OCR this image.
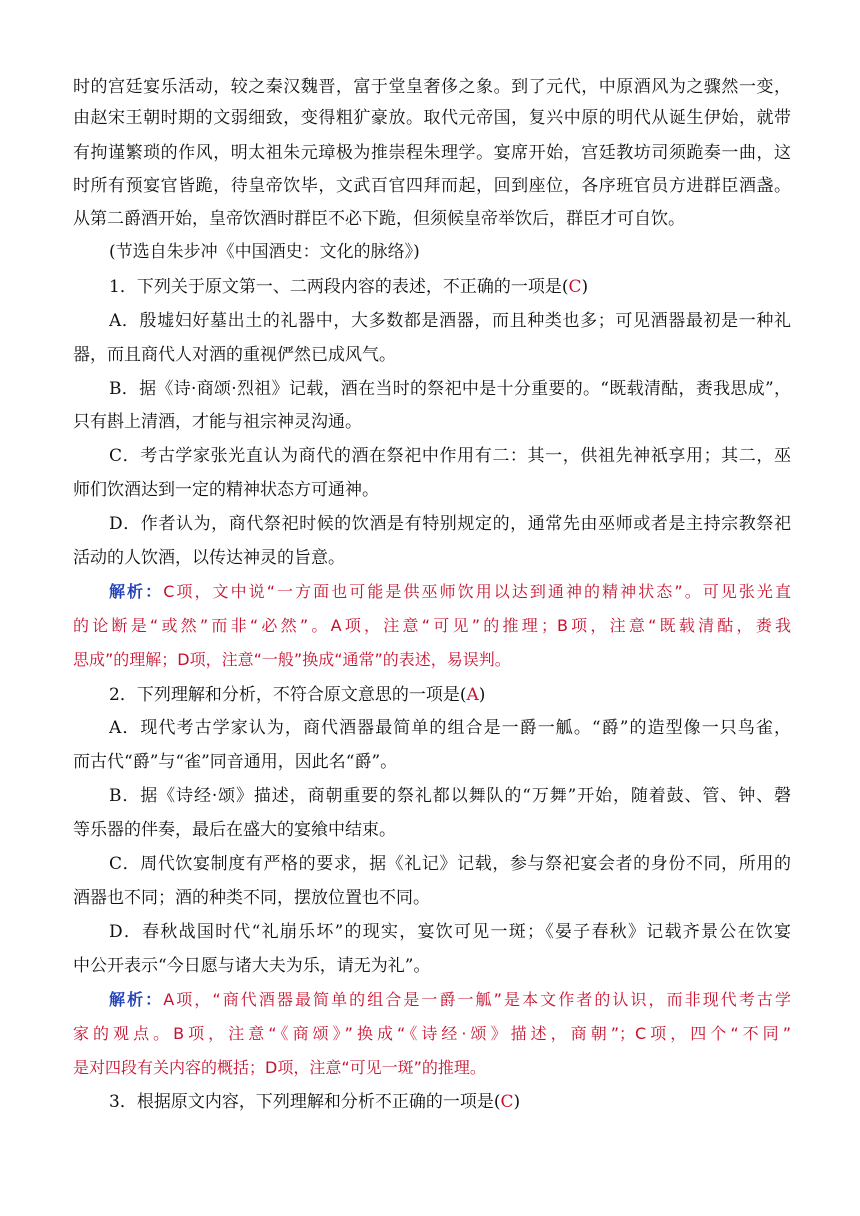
时的宫廷宴乐活动，较之秦汉魏晋，富于堂皇奢侈之象。到了元代，中原酒风为之骤然一变，

由赵宋王朝时期的文弱细致，变得粗犷豪放。取代元帝国，复兴中原的明代从诞生伊始，就带

有拘谨繁琐的作风，明太祖朱元璋极为推崇程朱理学。宴席开始，宫廷教坊司须跪奏一曲，这

时所有预宴官皆跪，待皇帝饮毕，文武百官四拜而起，回到座位，各序班官员方进群臣酒盏。

从第二爵酒开始，皇帝饮酒时群臣不必下跪，但须候皇帝举饮后，群臣才可自饮。

(节选自朱步冲《中国酒史：文化的脉络》)

1．下列关于原文第一、二两段内容的表述，不正确的一项是(C)

A．殷墟妇好墓出土的礼器中，大多数都是酒器，而且种类也多；可见酒器最初是一种礼

器，而且商代人对酒的重视俨然已成风气。

B．据《诗·商颂·烈祖》记载，酒在当时的祭祀中是十分重要的。“既载清酤，赉我思成”，

只有斟上清酒，才能与祖宗神灵沟通。

C．考古学家张光直认为商代的酒在祭祀中作用有二：其一，供祖先神祇享用；其二，巫

师们饮酒达到一定的精神状态方可通神。

D．作者认为，商代祭祀时候的饮酒是有特别规定的，通常先由巫师或者是主持宗教祭祀

活动的人饮酒，以传达神灵的旨意。

解析：C项，文中说“一方面也可能是供巫师饮用以达到通神的精神状态”。可见张光直

的论断是“或然”而非“必然”。A项，注意“可见”的推理；B项，注意“既载清酤，赉我

思成”的理解；D项，注意“一般”换成“通常”的表述，易误判。

2．下列理解和分析，不符合原文意思的一项是(A)

A．现代考古学家认为，商代酒器最简单的组合是一爵一觚。“爵”的造型像一只鸟雀，

而古代“爵”与“雀”同音通用，因此名“爵”。

B．据《诗经·颂》描述，商朝重要的祭礼都以舞队的“万舞”开始，随着鼓、管、钟、磬

等乐器的伴奏，最后在盛大的宴飨中结束。

C．周代饮宴制度有严格的要求，据《礼记》记载，参与祭祀宴会者的身份不同，所用的

酒器也不同；酒的种类不同，摆放位置也不同。

D．春秋战国时代“礼崩乐坏”的现实，宴饮可见一斑；《晏子春秋》记载齐景公在饮宴

中公开表示“今日愿与诸大夫为乐，请无为礼”。

解析：A项，“商代酒器最简单的组合是一爵一觚”是本文作者的认识，而非现代考古学

家的观点。B项，注意“《商颂》”换成“《诗经·颂》描述，商朝”；C项，四个“不同”

是对四段有关内容的概括；D项，注意“可见一斑”的推理。

3．根据原文内容，下列理解和分析不正确的一项是(C)
